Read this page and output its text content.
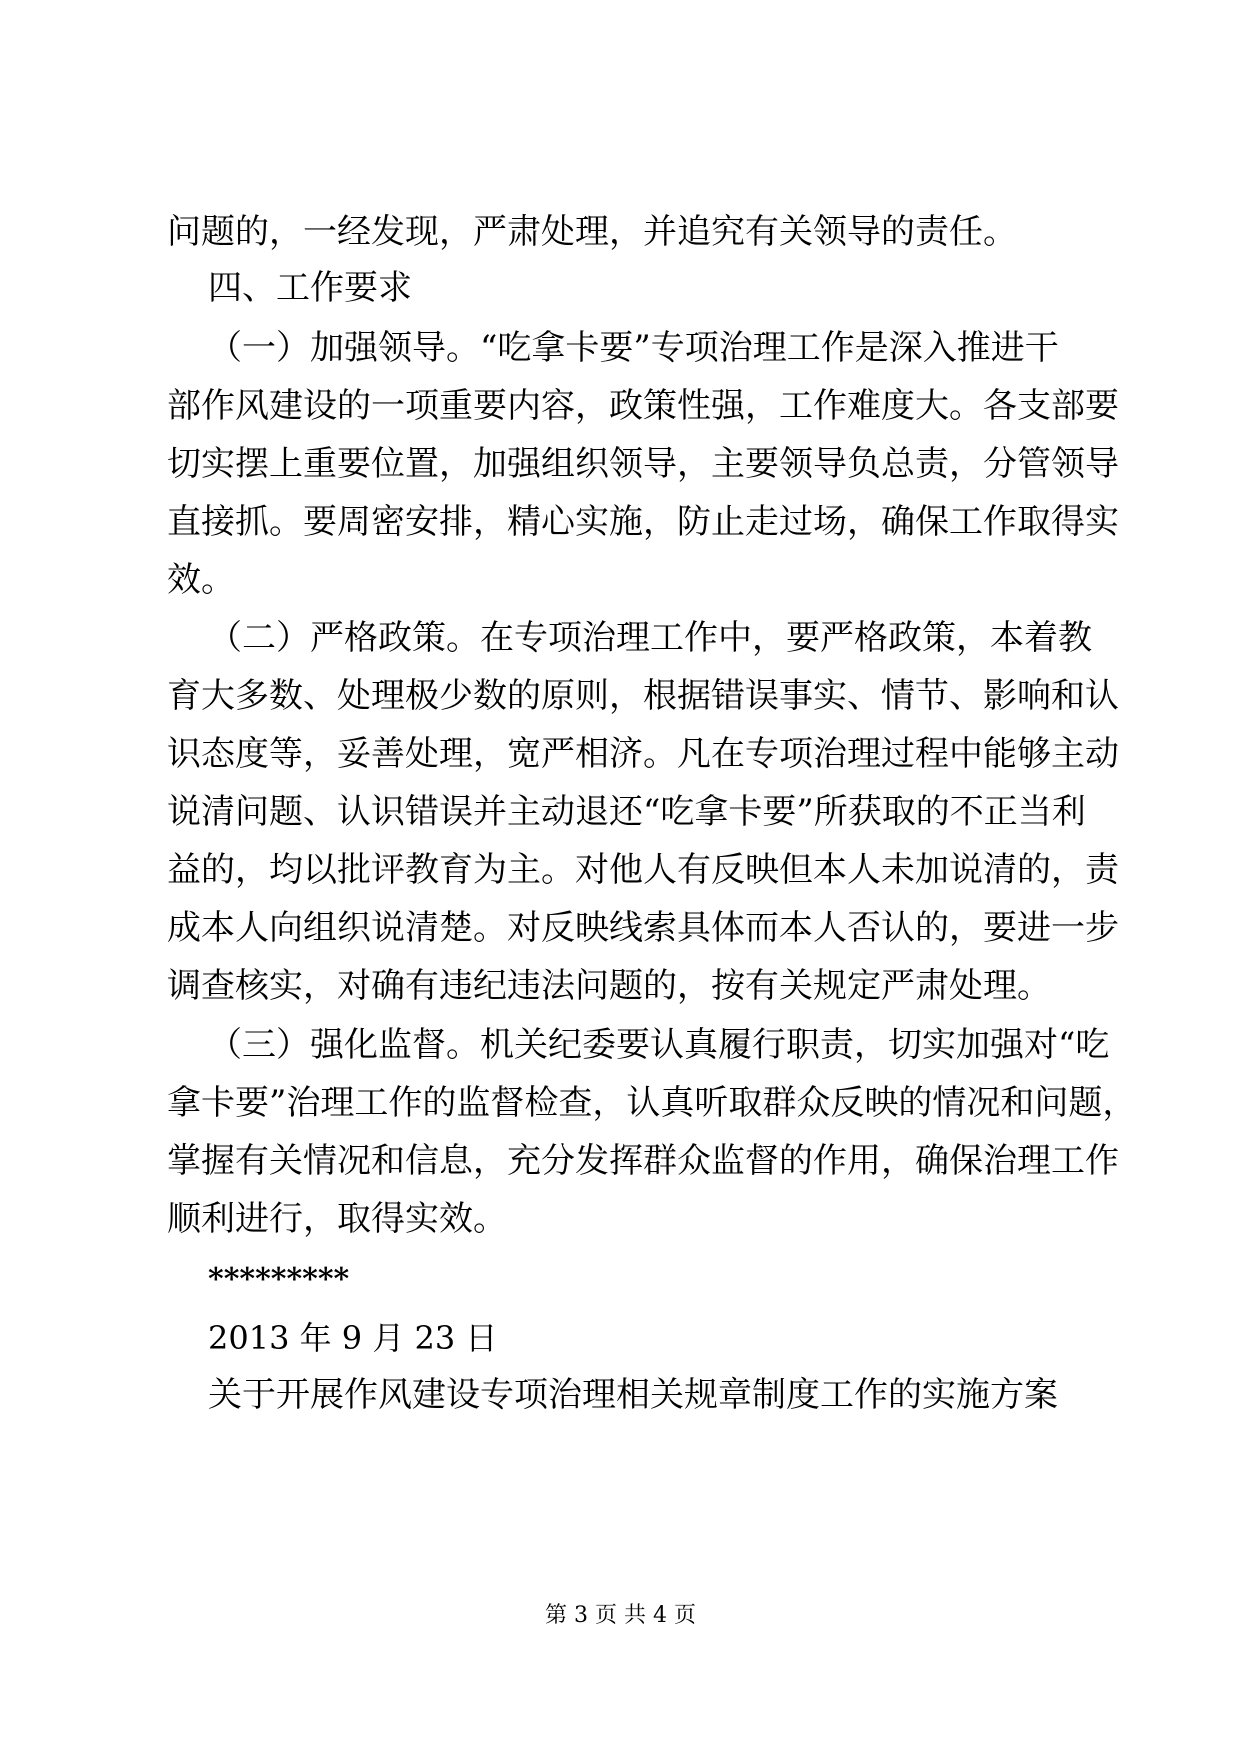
问题的，一经发现，严肃处理，并追究有关领导的责任。
四、工作要求
（一）加强领导。“吃拿卡要”专项治理工作是深入推进干
部作风建设的一项重要内容，政策性强，工作难度大。各支部要
切实摆上重要位置，加强组织领导，主要领导负总责，分管领导
直接抓。要周密安排，精心实施，防止走过场，确保工作取得实
效。
（二）严格政策。在专项治理工作中，要严格政策，本着教
育大多数、处理极少数的原则，根据错误事实、情节、影响和认
识态度等，妥善处理，宽严相济。凡在专项治理过程中能够主动
说清问题、认识错误并主动退还“吃拿卡要”所获取的不正当利
益的，均以批评教育为主。对他人有反映但本人未加说清的，责
成本人向组织说清楚。对反映线索具体而本人否认的，要进一步
调查核实，对确有违纪违法问题的，按有关规定严肃处理。
（三）强化监督。机关纪委要认真履行职责，切实加强对“吃
拿卡要”治理工作的监督检查，认真听取群众反映的情况和问题，
掌握有关情况和信息，充分发挥群众监督的作用，确保治理工作
顺利进行，取得实效。
*********
2013 年 9 月 23 日
关于开展作风建设专项治理相关规章制度工作的实施方案
第 3 页 共 4 页
